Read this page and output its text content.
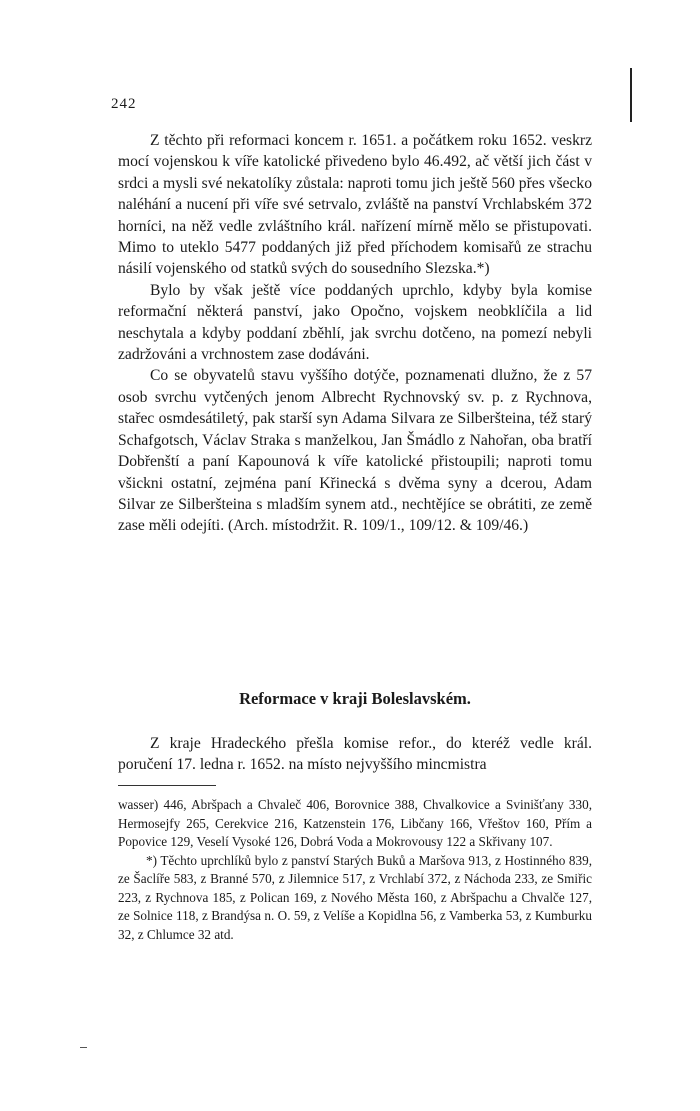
242

Z těchto při reformaci koncem r. 1651. a počátkem roku 1652. veskrz mocí vojenskou k víře katolické přivedeno bylo 46.492, ač větší jich část v srdci a mysli své nekatolíky zůstala: naproti tomu jich ještě 560 přes všecko naléhání a nucení při víře své setrvalo, zvláště na panství Vrchlabském 372 horníci, na něž vedle zvláštního král. nařízení mírně mělo se přistupovati. Mimo to uteklo 5477 poddaných již před příchodem komisařů ze strachu násilí vojenského od statků svých do sousedního Slezska.*)

Bylo by však ještě více poddaných uprchlo, kdyby byla komise reformační některá panství, jako Opočno, vojskem neobklíčila a lid neschytala a kdyby poddaní zběhlí, jak svrchu dotčeno, na pomezí nebyli zadržováni a vrchnostem zase dodáváni.

Co se obyvatelů stavu vyššího dotýče, poznamenati dlužno, že z 57 osob svrchu vytčených jenom Albrecht Rychnovský sv. p. z Rychnova, stařec osmdesátiletý, pak starší syn Adama Silvara ze Silberšteina, též starý Schafgotsch, Václav Straka s manželkou, Jan Šmádlo z Nahořan, oba bratří Dobřenští a paní Kapounová k víře katolické přistoupili; naproti tomu všickni ostatní, zejména paní Křinecká s dvěma syny a dcerou, Adam Silvar ze Silberšteina s mladším synem atd., nechtějíce se obrátiti, ze země zase měli odejíti. (Arch. místodržit. R. 109/1., 109/12. & 109/46.)

Reformace v kraji Boleslavském.

Z kraje Hradeckého přešla komise refor., do kteréž vedle král. poručení 17. ledna r. 1652. na místo nejvyššího mincmistra

wasser) 446, Abršpach a Chvaleč 406, Borovnice 388, Chvalkovice a Svinišťany 330, Hermosejfy 265, Cerekvice 216, Katzenstein 176, Libčany 166, Vřeštov 160, Přím a Popovice 129, Veselí Vysoké 126, Dobrá Voda a Mokrovousy 122 a Skřivany 107.

*) Těchto uprchlíků bylo z panství Starých Buků a Maršova 913, z Hostinného 839, ze Šaclíře 583, z Branné 570, z Jilemnice 517, z Vrchlabí 372, z Náchoda 233, ze Smiřic 223, z Rychnova 185, z Polican 169, z Nového Města 160, z Abršpachu a Chvalče 127, ze Solnice 118, z Brandýsa n. O. 59, z Velíše a Kopidlna 56, z Vamberka 53, z Kumburku 32, z Chlumce 32 atd.
